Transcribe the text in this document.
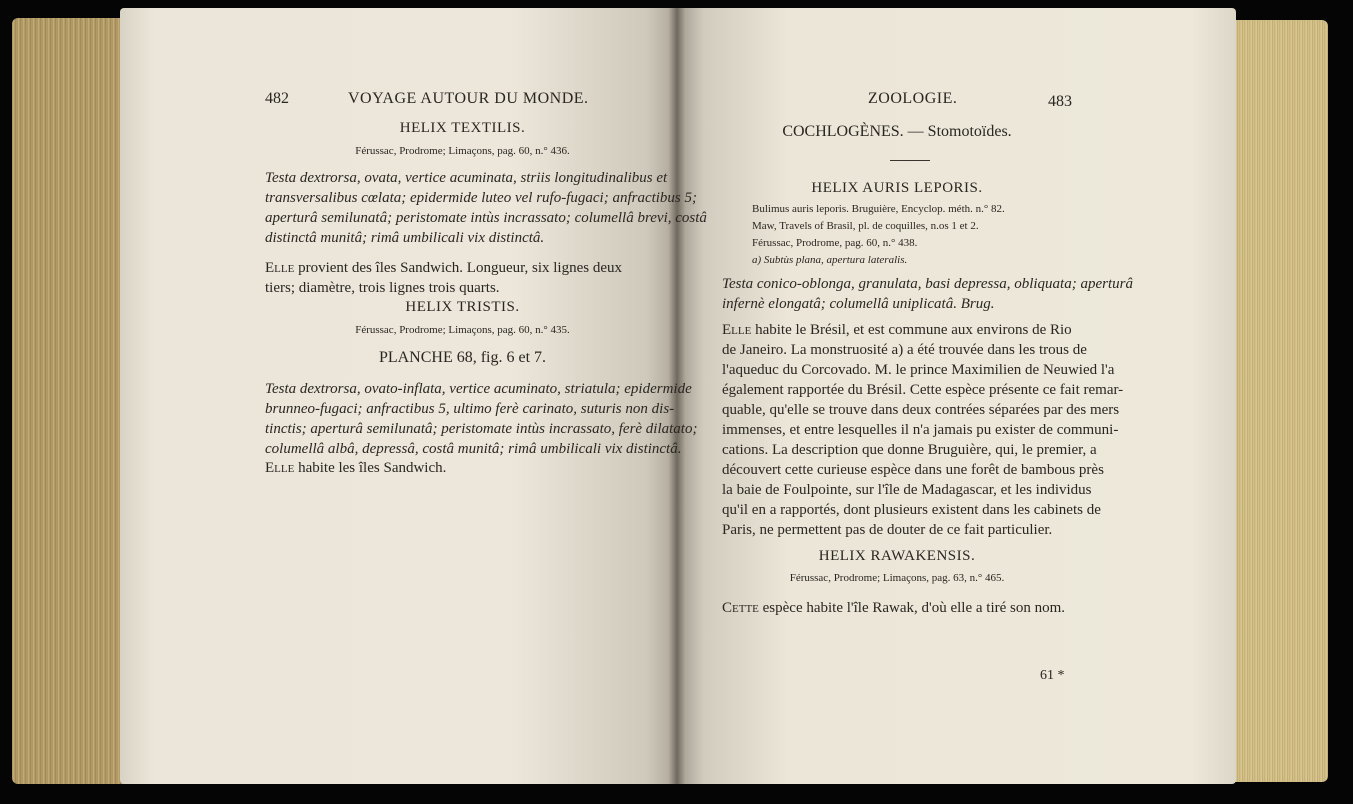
482	VOYAGE AUTOUR DU MONDE.
HELIX TEXTILIS.
Férussac, Prodrome; Limaçons, pag. 60, n.° 436.
Testa dextrorsa, ovata, vertice acuminata, striis longitudinalibus et
transversalibus cœlata; epidermide luteo vel rufo-fugaci; anfractibus 5;
aperturâ semilunatâ; peristomate intùs incrassato; columellâ brevi, costâ
distinctâ munitâ; rimâ umbilicali vix distinctâ.
Elle provient des îles Sandwich. Longueur, six lignes deux
tiers; diamètre, trois lignes trois quarts.
HELIX TRISTIS.
Férussac, Prodrome; Limaçons, pag. 60, n.° 435.
PLANCHE 68, fig. 6 et 7.
Testa dextrorsa, ovato-inflata, vertice acuminato, striatula; epidermide
brunneo-fugaci; anfractibus 5, ultimo ferè carinato, suturis non dis-
tinctis; aperturâ semilunatâ; peristomate intùs incrassato, ferè dilatato;
columellâ albâ, depressâ, costâ munitâ; rimâ umbilicali vix distinctâ.
Elle habite les îles Sandwich.
ZOOLOGIE.	483
COCHLOGÈNES. — Stomotoïdes.
HELIX AURIS LEPORIS.
Bulimus auris leporis. Bruguière, Encyclop. méth. n.° 82.
Maw, Travels of Brasil, pl. de coquilles, n.os 1 et 2.
Férussac, Prodrome, pag. 60, n.° 438.
a) Subtùs plana, apertura lateralis.
Testa conico-oblonga, granulata, basi depressa, obliquata; aperturâ
infernè elongatâ; columellâ uniplicatâ. Brug.
Elle habite le Brésil, et est commune aux environs de Rio
de Janeiro. La monstruosité a) a été trouvée dans les trous de
l'aqueduc du Corcovado. M. le prince Maximilien de Neuwied l'a
également rapportée du Brésil. Cette espèce présente ce fait remar-
quable, qu'elle se trouve dans deux contrées séparées par des mers
immenses, et entre lesquelles il n'a jamais pu exister de communi-
cations. La description que donne Bruguière, qui, le premier, a
découvert cette curieuse espèce dans une forêt de bambous près
la baie de Foulpointe, sur l'île de Madagascar, et les individus
qu'il en a rapportés, dont plusieurs existent dans les cabinets de
Paris, ne permettent pas de douter de ce fait particulier.
HELIX RAWAKENSIS.
Férussac, Prodrome; Limaçons, pag. 63, n.° 465.
Cette espèce habite l'île Rawak, d'où elle a tiré son nom.
61 *
